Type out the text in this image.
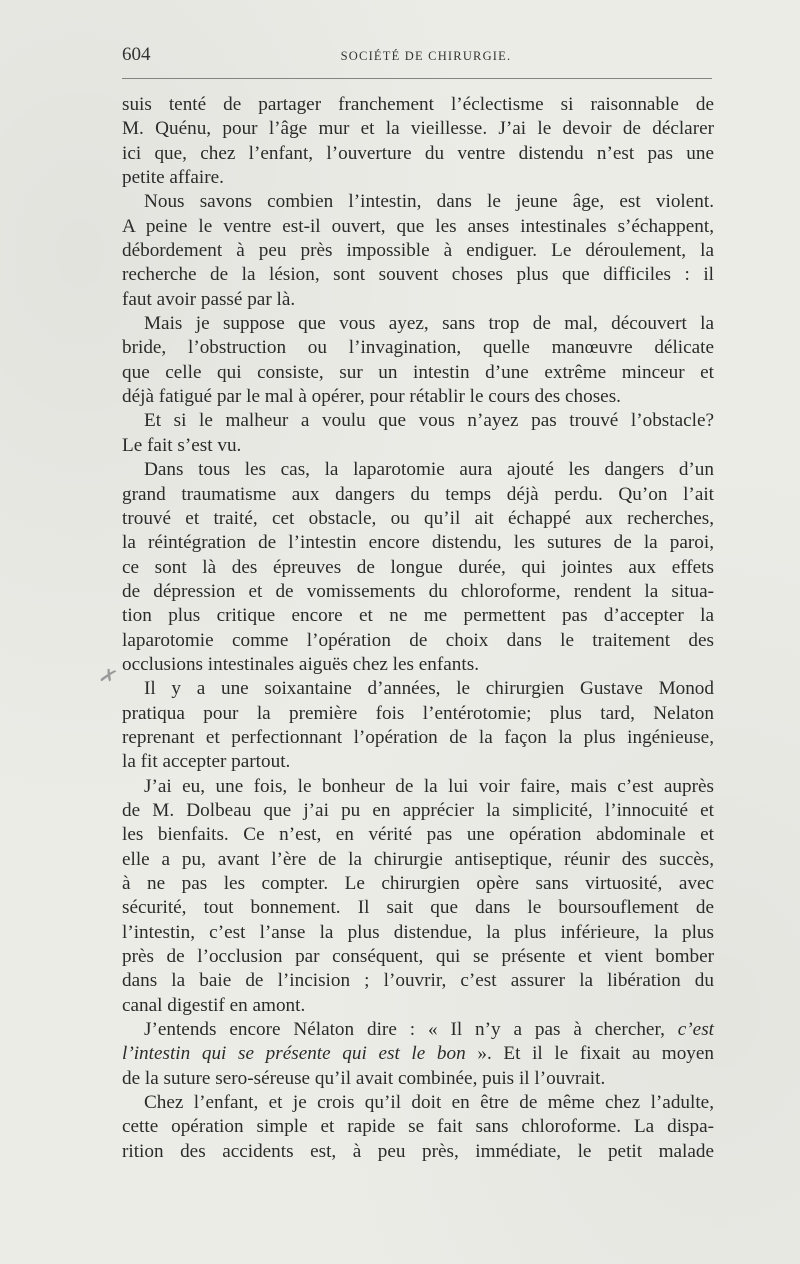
604	SOCIÉTÉ DE CHIRURGIE.
✗

suis tenté de partager franchement l’éclectisme si raisonnable de
M. Quénu, pour l’âge mur et la vieillesse. J’ai le devoir de déclarer
ici que, chez l’enfant, l’ouverture du ventre distendu n’est pas une
petite affaire.

Nous savons combien l’intestin, dans le jeune âge, est violent.
A peine le ventre est-il ouvert, que les anses intestinales s’échappent,
débordement à peu près impossible à endiguer. Le déroulement, la
recherche de la lésion, sont souvent choses plus que difficiles : il
faut avoir passé par là.

Mais je suppose que vous ayez, sans trop de mal, découvert la
bride, l’obstruction ou l’invagination, quelle manœuvre délicate
que celle qui consiste, sur un intestin d’une extrême minceur et
déjà fatigué par le mal à opérer, pour rétablir le cours des choses.

Et si le malheur a voulu que vous n’ayez pas trouvé l’obstacle?
Le fait s’est vu.

Dans tous les cas, la laparotomie aura ajouté les dangers d’un
grand traumatisme aux dangers du temps déjà perdu. Qu’on l’ait
trouvé et traité, cet obstacle, ou qu’il ait échappé aux recherches,
la réintégration de l’intestin encore distendu, les sutures de la paroi,
ce sont là des épreuves de longue durée, qui jointes aux effets
de dépression et de vomissements du chloroforme, rendent la situa-
tion plus critique encore et ne me permettent pas d’accepter la
laparotomie comme l’opération de choix dans le traitement des
occlusions intestinales aiguës chez les enfants.

Il y a une soixantaine d’années, le chirurgien Gustave Monod
pratiqua pour la première fois l’entérotomie; plus tard, Nelaton
reprenant et perfectionnant l’opération de la façon la plus ingénieuse,
la fit accepter partout.

J’ai eu, une fois, le bonheur de la lui voir faire, mais c’est auprès
de M. Dolbeau que j’ai pu en apprécier la simplicité, l’innocuité et
les bienfaits. Ce n’est, en vérité pas une opération abdominale et
elle a pu, avant l’ère de la chirurgie antiseptique, réunir des succès,
à ne pas les compter. Le chirurgien opère sans virtuosité, avec
sécurité, tout bonnement. Il sait que dans le boursouflement de
l’intestin, c’est l’anse la plus distendue, la plus inférieure, la plus
près de l’occlusion par conséquent, qui se présente et vient bomber
dans la baie de l’incision ; l’ouvrir, c’est assurer la libération du
canal digestif en amont.

J’entends encore Nélaton dire : « Il n’y a pas à chercher, c’est
l’intestin qui se présente qui est le bon ». Et il le fixait au moyen
de la suture sero-séreuse qu’il avait combinée, puis il l’ouvrait.

Chez l’enfant, et je crois qu’il doit en être de même chez l’adulte,
cette opération simple et rapide se fait sans chloroforme. La dispa-
rition des accidents est, à peu près, immédiate, le petit malade
